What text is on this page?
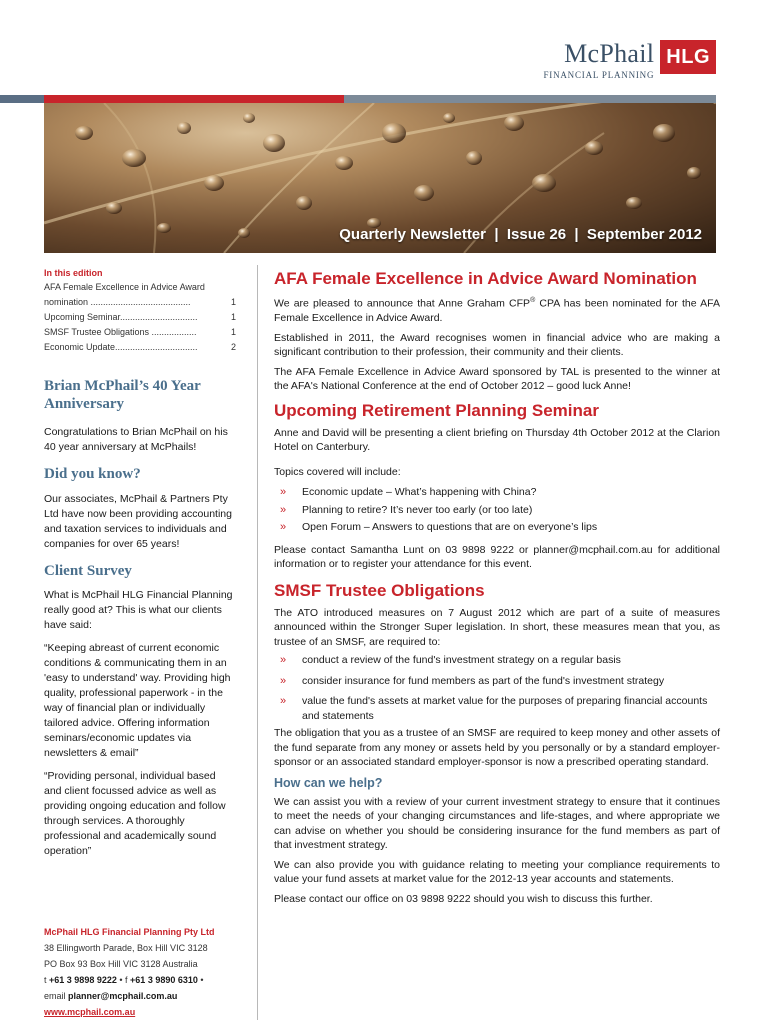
McPhail
FINANCIAL PLANNING
HLG
Quarterly Newsletter  |  Issue 26  |  September 2012
In this edition
AFA Female Excellence in Advice Award
nomination ........................................	1
Upcoming Seminar...............................	1
SMSF Trustee Obligations ..................	1
Economic Update.................................	2
Brian McPhail’s 40 Year Anniversary

Congratulations to Brian McPhail on his 40 year anniversary at McPhails!

Did you know?

Our associates, McPhail & Partners Pty Ltd have now been providing accounting and taxation services to individuals and companies for over 65 years!

Client Survey

What is McPhail HLG Financial Planning really good at? This is what our clients have said:

“Keeping abreast of current economic conditions & communicating them in an 'easy to understand' way. Providing high quality, professional paperwork - in the way of financial plan or individually tailored advice. Offering information seminars/economic updates via newsletters & email”

“Providing personal, individual based and client focussed advice as well as providing ongoing education and follow through services. A thoroughly professional and academically sound operation”

McPhail HLG Financial Planning Pty Ltd
38 Ellingworth Parade, Box Hill VIC 3128
PO Box 93 Box Hill VIC 3128 Australia
t +61 3 9898 9222 • f +61 3 9890 6310 •
email planner@mcphail.com.au
www.mcphail.com.au
AFA Female Excellence in Advice Award Nomination

We are pleased to announce that Anne Graham CFP® CPA has been nominated for the AFA Female Excellence in Advice Award.

Established in 2011, the Award recognises women in financial advice who are making a significant contribution to their profession, their community and their clients.

The AFA Female Excellence in Advice Award sponsored by TAL is presented to the winner at the AFA's National Conference at the end of October 2012 – good luck Anne!

Upcoming Retirement Planning Seminar

Anne and David will be presenting a client briefing on Thursday 4th October 2012 at the Clarion Hotel on Canterbury.

Topics covered will include:

» Economic update – What’s happening with China?
» Planning to retire? It’s never too early (or too late)
» Open Forum – Answers to questions that are on everyone’s lips

Please contact Samantha Lunt on 03 9898 9222 or planner@mcphail.com.au for additional information or to register your attendance for this event.

SMSF Trustee Obligations

The ATO introduced measures on 7 August 2012 which are part of a suite of measures announced within the Stronger Super legislation. In short, these measures mean that you, as trustee of an SMSF, are required to:

» conduct a review of the fund's investment strategy on a regular basis
» consider insurance for fund members as part of the fund's investment strategy
» value the fund's assets at market value for the purposes of preparing financial accounts and statements

The obligation that you as a trustee of an SMSF are required to keep money and other assets of the fund separate from any money or assets held by you personally or by a standard employer-sponsor or an associated standard employer-sponsor is now a prescribed operating standard.

How can we help?

We can assist you with a review of your current investment strategy to ensure that it continues to meet the needs of your changing circumstances and life-stages, and where appropriate we can advise on whether you should be considering insurance for the fund members as part of that investment strategy.

We can also provide you with guidance relating to meeting your compliance requirements to value your fund assets at market value for the 2012-13 year accounts and statements.

Please contact our office on 03 9898 9222 should you wish to discuss this further.
